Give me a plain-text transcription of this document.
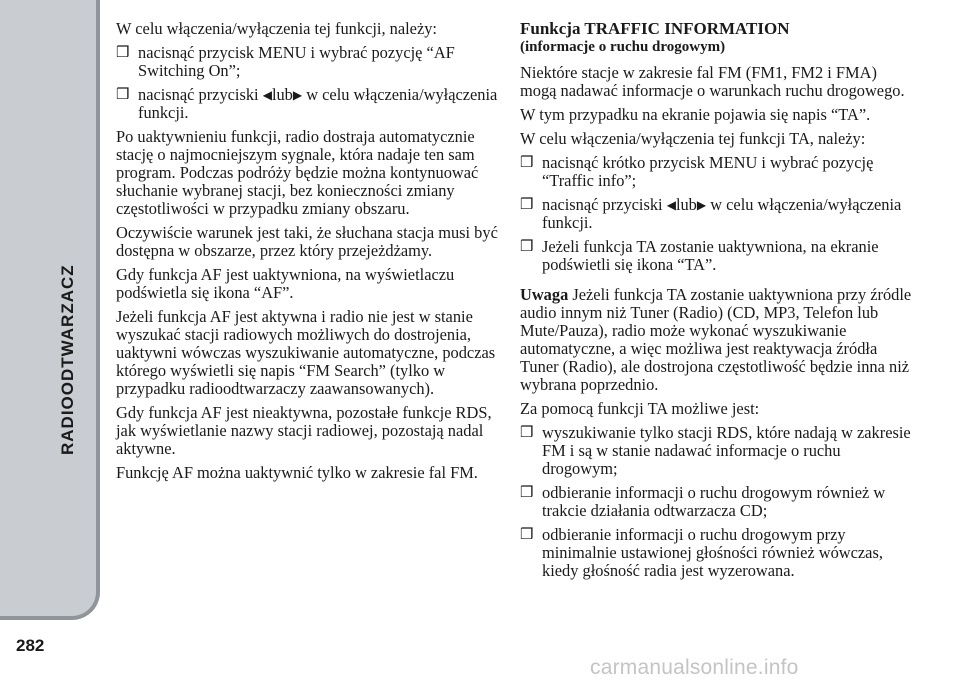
RADIOODTWARZACZ
282
carmanualsonline.info

W celu włączenia/wyłączenia tej funkcji, należy:

❒ nacisnąć przycisk MENU i wybrać pozycję “AF Switching On”;
❒ nacisnąć przyciski ◀lub▶ w celu włączenia/wyłączenia funkcji.

Po uaktywnieniu funkcji, radio dostraja automatycznie stację o najmocniejszym sygnale, która nadaje ten sam program. Podczas podróży będzie można kontynuować słuchanie wybranej stacji, bez konieczności zmiany częstotliwości w przypadku zmiany obszaru.

Oczywiście warunek jest taki, że słuchana stacja musi być dostępna w obszarze, przez który przejeżdżamy.

Gdy funkcja AF jest uaktywniona, na wyświetlaczu podświetla się ikona “AF”.

Jeżeli funkcja AF jest aktywna i radio nie jest w stanie wyszukać stacji radiowych możliwych do dostrojenia, uaktywni wówczas wyszukiwanie automatyczne, podczas którego wyświetli się napis “FM Search” (tylko w przypadku radioodtwarzaczy zaawansowanych).

Gdy funkcja AF jest nieaktywna, pozostałe funkcje RDS, jak wyświetlanie nazwy stacji radiowej, pozostają nadal aktywne.

Funkcję AF można uaktywnić tylko w zakresie fal FM.

Funkcja TRAFFIC INFORMATION
(informacje o ruchu drogowym)

Niektóre stacje w zakresie fal FM (FM1, FM2 i FMA) mogą nadawać informacje o warunkach ruchu drogowego.

W tym przypadku na ekranie pojawia się napis “TA”.

W celu włączenia/wyłączenia tej funkcji TA, należy:

❒ nacisnąć krótko przycisk MENU i wybrać pozycję “Traffic info”;
❒ nacisnąć przyciski ◀lub▶ w celu włączenia/wyłączenia funkcji.
❒ Jeżeli funkcja TA zostanie uaktywniona, na ekranie podświetli się ikona “TA”.

Uwaga Jeżeli funkcja TA zostanie uaktywniona przy źródle audio innym niż Tuner (Radio) (CD, MP3, Telefon lub Mute/Pauza), radio może wykonać wyszukiwanie automatyczne, a więc możliwa jest reaktywacja źródła Tuner (Radio), ale dostrojona częstotliwość będzie inna niż wybrana poprzednio.

Za pomocą funkcji TA możliwe jest:

❒ wyszukiwanie tylko stacji RDS, które nadają w zakresie FM i są w stanie nadawać informacje o ruchu drogowym;
❒ odbieranie informacji o ruchu drogowym również w trakcie działania odtwarzacza CD;
❒ odbieranie informacji o ruchu drogowym przy minimalnie ustawionej głośności również wówczas, kiedy głośność radia jest wyzerowana.
